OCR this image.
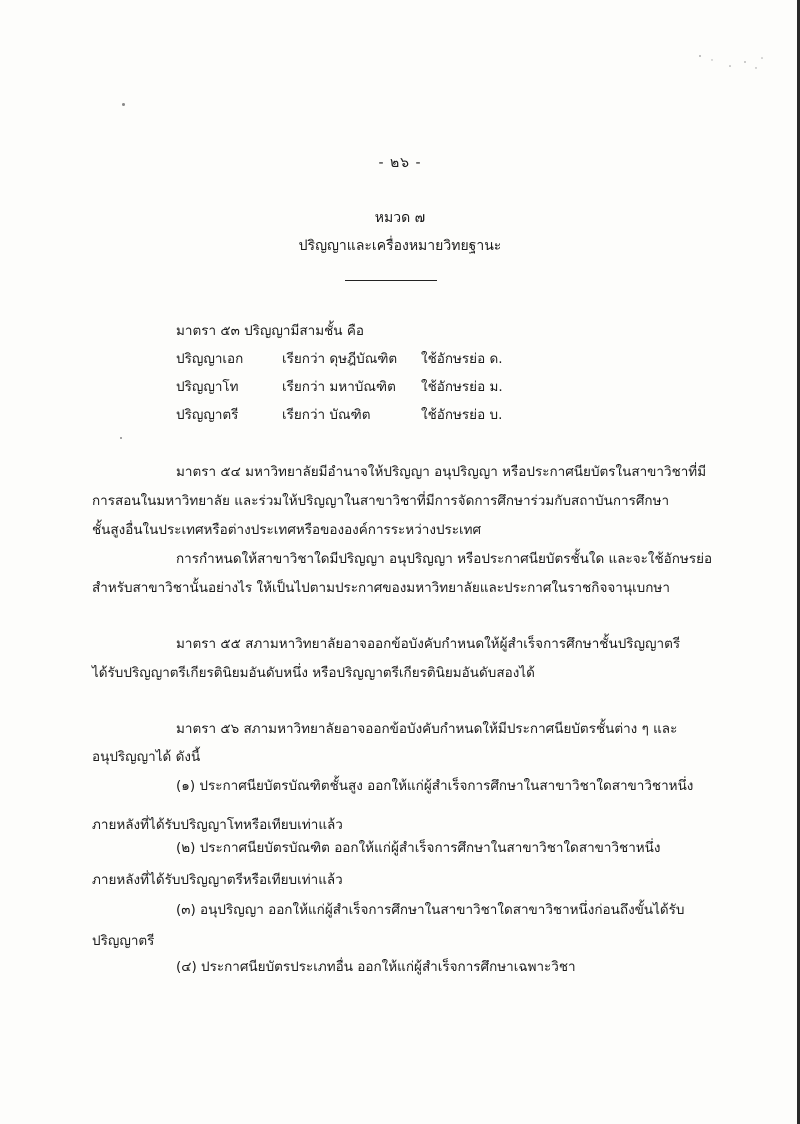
- ๒๖ -
หมวด ๗
ปริญญาและเครื่องหมายวิทยฐานะ
มาตรา ๕๓ ปริญญามีสามชั้น คือ
ปริญญาเอก	เรียกว่า ดุษฎีบัณฑิต ใช้อักษรย่อ ด.
ปริญญาโท	เรียกว่า มหาบัณฑิต ใช้อักษรย่อ ม.
ปริญญาตรี	เรียกว่า บัณฑิต	ใช้อักษรย่อ บ.
มาตรา ๕๔ มหาวิทยาลัยมีอำนาจให้ปริญญา อนุปริญญา หรือประกาศนียบัตรในสาขาวิชาที่มี
การสอนในมหาวิทยาลัย และร่วมให้ปริญญาในสาขาวิชาที่มีการจัดการศึกษาร่วมกับสถาบันการศึกษา
ชั้นสูงอื่นในประเทศหรือต่างประเทศหรือขององค์การระหว่างประเทศ
การกำหนดให้สาขาวิชาใดมีปริญญา อนุปริญญา หรือประกาศนียบัตรชั้นใด และจะใช้อักษรย่อ
สำหรับสาขาวิชานั้นอย่างไร ให้เป็นไปตามประกาศของมหาวิทยาลัยและประกาศในราชกิจจานุเบกษา
มาตรา ๕๕ สภามหาวิทยาลัยอาจออกข้อบังคับกำหนดให้ผู้สำเร็จการศึกษาชั้นปริญญาตรี
ได้รับปริญญาตรีเกียรตินิยมอันดับหนึ่ง หรือปริญญาตรีเกียรตินิยมอันดับสองได้
มาตรา ๕๖ สภามหาวิทยาลัยอาจออกข้อบังคับกำหนดให้มีประกาศนียบัตรชั้นต่าง ๆ และ
อนุปริญญาได้ ดังนี้
(๑) ประกาศนียบัตรบัณฑิตชั้นสูง ออกให้แก่ผู้สำเร็จการศึกษาในสาขาวิชาใดสาขาวิชาหนึ่ง
ภายหลังที่ได้รับปริญญาโทหรือเทียบเท่าแล้ว
(๒) ประกาศนียบัตรบัณฑิต ออกให้แก่ผู้สำเร็จการศึกษาในสาขาวิชาใดสาขาวิชาหนึ่ง
ภายหลังที่ได้รับปริญญาตรีหรือเทียบเท่าแล้ว
(๓) อนุปริญญา ออกให้แก่ผู้สำเร็จการศึกษาในสาขาวิชาใดสาขาวิชาหนึ่งก่อนถึงขั้นได้รับ
ปริญญาตรี
(๔) ประกาศนียบัตรประเภทอื่น ออกให้แก่ผู้สำเร็จการศึกษาเฉพาะวิชา
